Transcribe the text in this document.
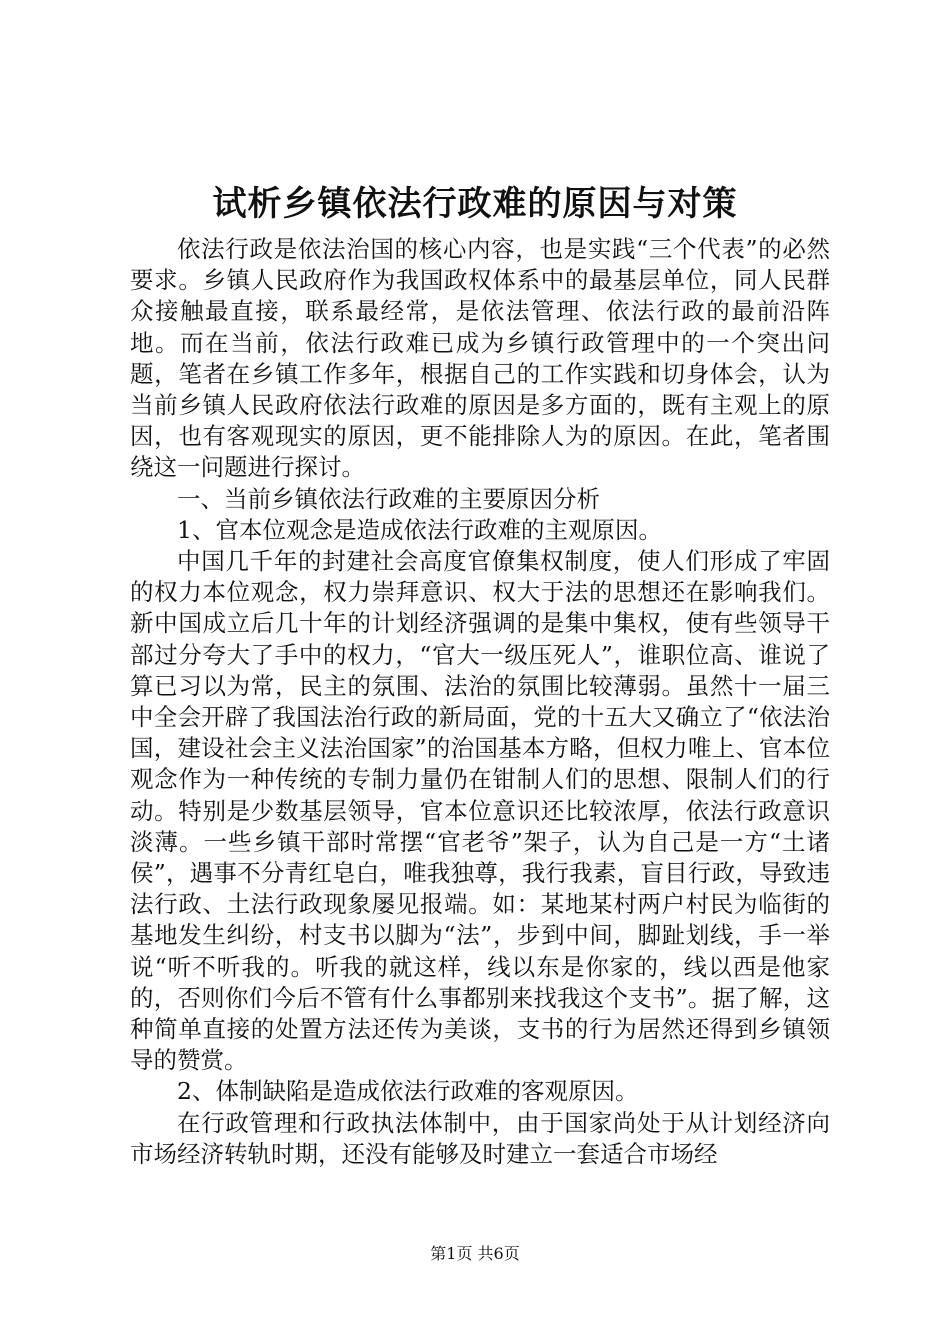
试析乡镇依法行政难的原因与对策

依法行政是依法治国的核心内容，也是实践“三个代表”的必然要求。乡镇人民政府作为我国政权体系中的最基层单位，同人民群众接触最直接，联系最经常，是依法管理、依法行政的最前沿阵地。而在当前，依法行政难已成为乡镇行政管理中的一个突出问题，笔者在乡镇工作多年，根据自己的工作实践和切身体会，认为当前乡镇人民政府依法行政难的原因是多方面的，既有主观上的原因，也有客观现实的原因，更不能排除人为的原因。在此，笔者围绕这一问题进行探讨。

一、当前乡镇依法行政难的主要原因分析

1、官本位观念是造成依法行政难的主观原因。

中国几千年的封建社会高度官僚集权制度，使人们形成了牢固的权力本位观念，权力崇拜意识、权大于法的思想还在影响我们。新中国成立后几十年的计划经济强调的是集中集权，使有些领导干部过分夸大了手中的权力，“官大一级压死人”，谁职位高、谁说了算已习以为常，民主的氛围、法治的氛围比较薄弱。虽然十一届三中全会开辟了我国法治行政的新局面，党的十五大又确立了“依法治国，建设社会主义法治国家”的治国基本方略，但权力唯上、官本位观念作为一种传统的专制力量仍在钳制人们的思想、限制人们的行动。特别是少数基层领导，官本位意识还比较浓厚，依法行政意识淡薄。一些乡镇干部时常摆“官老爷”架子，认为自己是一方“土诸侯”，遇事不分青红皂白，唯我独尊，我行我素，盲目行政，导致违法行政、土法行政现象屡见报端。如：某地某村两户村民为临街的基地发生纠纷，村支书以脚为“法”，步到中间，脚趾划线，手一举说“听不听我的。听我的就这样，线以东是你家的，线以西是他家的，否则你们今后不管有什么事都别来找我这个支书”。据了解，这种简单直接的处置方法还传为美谈，支书的行为居然还得到乡镇领导的赞赏。

2、体制缺陷是造成依法行政难的客观原因。

在行政管理和行政执法体制中，由于国家尚处于从计划经济向市场经济转轨时期，还没有能够及时建立一套适合市场经

第1页 共6页
